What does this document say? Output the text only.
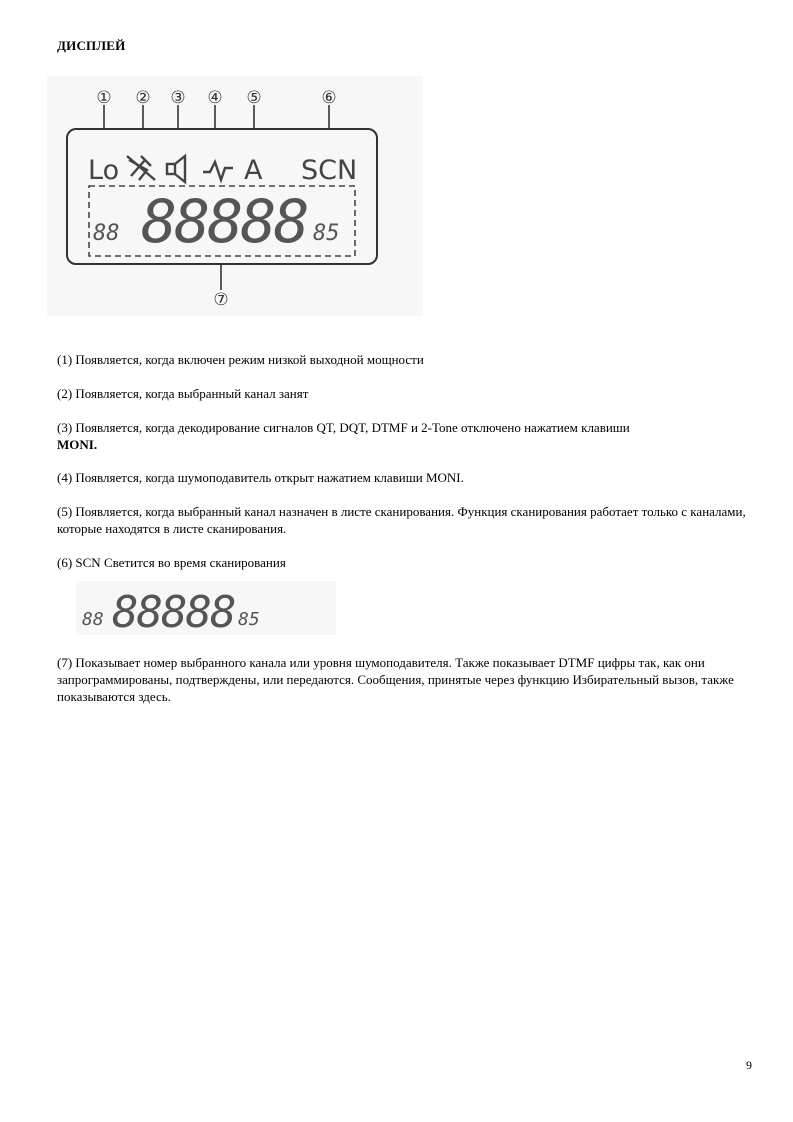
ДИСПЛЕЙ
① ② ③ ④ ⑤	⑥
⑦
Lo	SCN
A
88 88888 85
(1) Появляется, когда включен режим низкой выходной мощности
(2) Появляется, когда выбранный канал занят
(3) Появляется, когда декодирование сигналов QT, DQT, DTMF и 2-Tone отключено нажатием клавиши
MONI.
(4) Появляется, когда шумоподавитель открыт нажатием клавиши MONI.
(5) Появляется, когда выбранный канал назначен в листе сканирования. Функция сканирования работает только с каналами, которые находятся в листе сканирования.
(6) SCN Светится во время сканирования
88 88888 85
(7) Показывает номер выбранного канала или уровня шумоподавителя. Также показывает DTMF цифры так, как они запрограммированы, подтверждены, или передаются. Сообщения, принятые через функцию Избирательный вызов, также показываются здесь.
9
